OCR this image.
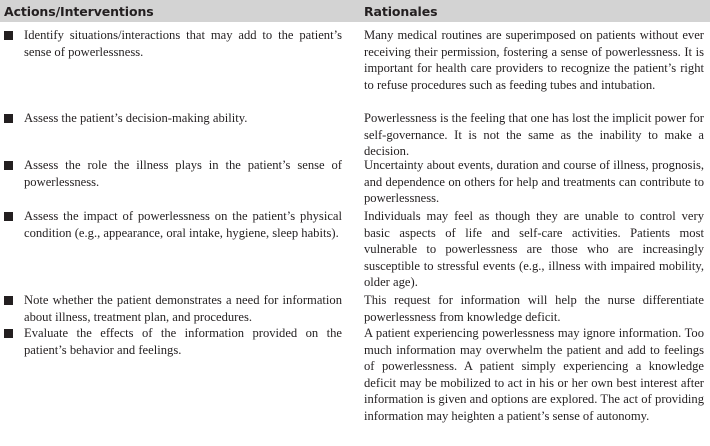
Actions/Interventions	Rationales
Identify situations/interactions that may add to the patient’s sense of powerlessness.
Many medical routines are superimposed on patients without ever receiving their permission, fostering a sense of powerlessness. It is important for health care providers to recognize the patient’s right to refuse procedures such as feeding tubes and intubation.
Assess the patient’s decision-making ability.	Powerlessness is the feeling that one has lost the implicit power for self-governance. It is not the same as the inability to make a decision.
Assess the role the illness plays in the patient’s sense of powerlessness.
Uncertainty about events, duration and course of illness, prognosis, and dependence on others for help and treatments can contribute to powerlessness.
Assess the impact of powerlessness on the patient’s physical condition (e.g., appearance, oral intake, hygiene, sleep habits).
Individuals may feel as though they are unable to control very basic aspects of life and self-care activities. Patients most vulnerable to powerlessness are those who are increasingly susceptible to stressful events (e.g., illness with impaired mobility, older age).
Note whether the patient demonstrates a need for information about illness, treatment plan, and procedures.
This request for information will help the nurse differentiate powerlessness from knowledge deficit.
Evaluate the effects of the information provided on the patient’s behavior and feelings.
A patient experiencing powerlessness may ignore information. Too much information may overwhelm the patient and add to feelings of powerlessness. A patient simply experiencing a knowledge deficit may be mobilized to act in his or her own best interest after information is given and options are explored. The act of providing information may heighten a patient’s sense of autonomy.
